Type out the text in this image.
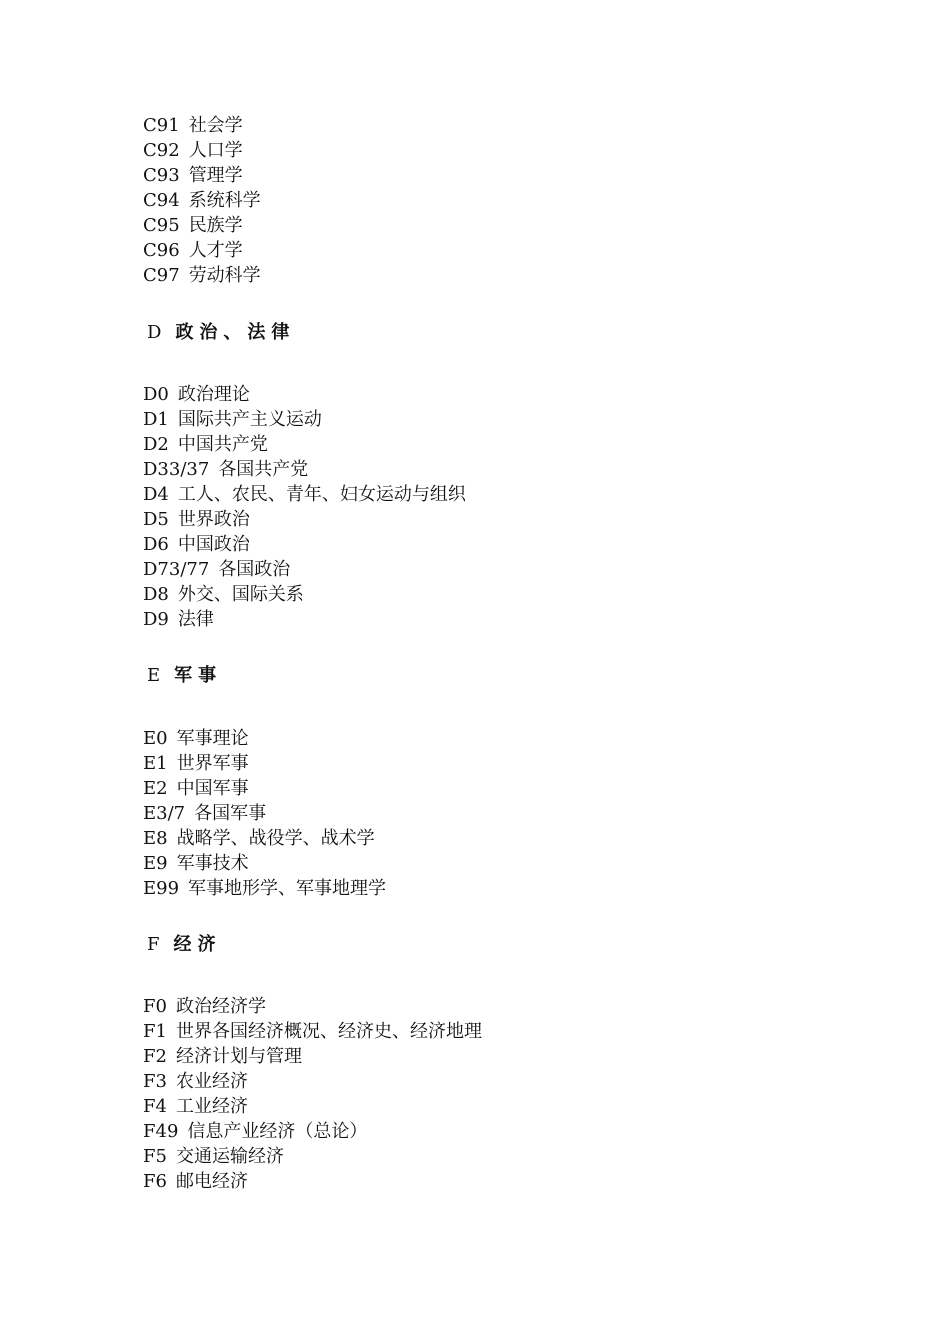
C91 社会学
C92 人口学
C93 管理学
C94 系统科学
C95 民族学
C96 人才学
C97 劳动科学
D 政治、法律
D0 政治理论
D1 国际共产主义运动
D2 中国共产党
D33/37 各国共产党
D4 工人、农民、青年、妇女运动与组织
D5 世界政治
D6 中国政治
D73/77 各国政治
D8 外交、国际关系
D9 法律
E 军事
E0 军事理论
E1 世界军事
E2 中国军事
E3/7 各国军事
E8 战略学、战役学、战术学
E9 军事技术
E99 军事地形学、军事地理学
F 经济
F0 政治经济学
F1 世界各国经济概况、经济史、经济地理
F2 经济计划与管理
F3 农业经济
F4 工业经济
F49 信息产业经济（总论）
F5 交通运输经济
F6 邮电经济
